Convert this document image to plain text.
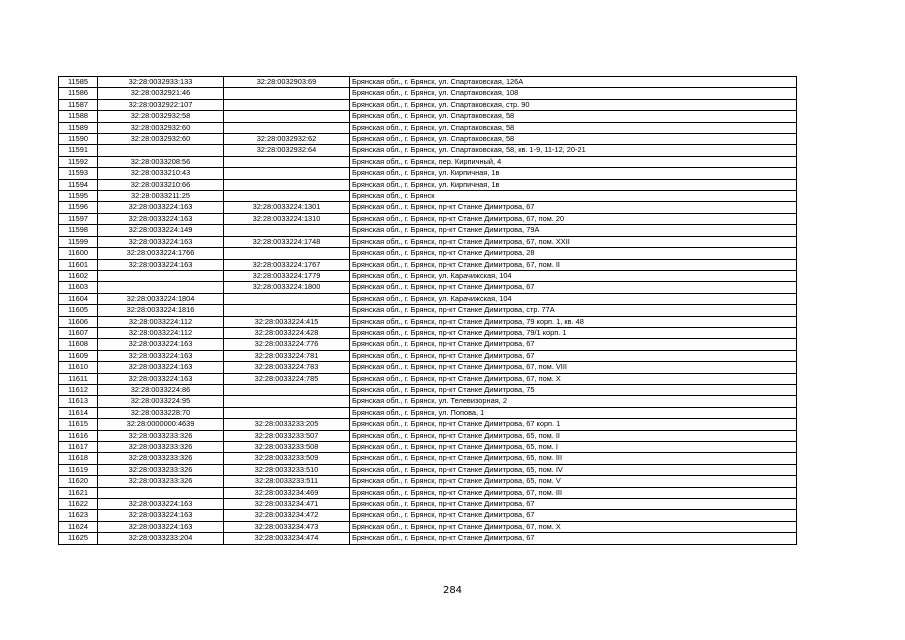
11585	32:28:0032933:133	32:28:0032903:69	Брянская обл., г. Брянск, ул. Спартаковская, 126А
11586	32:28:0032921:46		Брянская обл., г. Брянск, ул. Спартаковская, 108
11587	32:28:0032922:107		Брянская обл., г. Брянск, ул. Спартаковская, стр. 90
11588	32:28:0032932:58		Брянская обл., г. Брянск, ул. Спартаковская, 58
11589	32:28:0032932:60		Брянская обл., г. Брянск, ул. Спартаковская, 58
11590	32:28:0032932:60	32:28:0032932:62	Брянская обл., г. Брянск, ул. Спартаковская, 58
11591		32:28:0032932:64	Брянская обл., г. Брянск, ул. Спартаковская, 58, кв. 1-9, 11-12, 20-21
11592	32:28:0033208:56		Брянская обл., г. Брянск, пер. Кирпичный, 4
11593	32:28:0033210:43		Брянская обл., г. Брянск, ул. Кирпичная, 1в
11594	32:28:0033210:66		Брянская обл., г. Брянск, ул. Кирпичная, 1в
11595	32:28:0033211:25		Брянская обл., г. Брянск
11596	32:28:0033224:163	32:28:0033224:1301	Брянская обл., г. Брянск, пр-кт Станке Димитрова, 67
11597	32:28:0033224:163	32:28:0033224:1310	Брянская обл., г. Брянск, пр-кт Станке Димитрова, 67, пом. 20
11598	32:28:0033224:149		Брянская обл., г. Брянск, пр-кт Станке Димитрова, 79А
11599	32:28:0033224:163	32:28:0033224:1748	Брянская обл., г. Брянск, пр-кт Станке Димитрова, 67, пом. XXII
11600	32:28:0033224:1766		Брянская обл., г. Брянск, пр-кт Станке Димитрова, 28
11601	32:28:0033224:163	32:28:0033224:1767	Брянская обл., г. Брянск, пр-кт Станке Димитрова, 67, пом. II
11602		32:28:0033224:1779	Брянская обл., г. Брянск, ул. Карачижская, 104
11603		32:28:0033224:1800	Брянская обл., г. Брянск, пр-кт Станке Димитрова, 67
11604	32:28:0033224:1804		Брянская обл., г. Брянск, ул. Карачижская, 104
11605	32:28:0033224:1816		Брянская обл., г. Брянск, пр-кт Станке Димитрова, стр. 77А
11606	32:28:0033224:112	32:28:0033224:415	Брянская обл., г. Брянск, пр-кт Станке Димитрова, 79 корп. 1, кв. 48
11607	32:28:0033224:112	32:28:0033224:428	Брянская обл., г. Брянск, пр-кт Станке Димитрова, 79/1 корп. 1
11608	32:28:0033224:163	32:28:0033224:776	Брянская обл., г. Брянск, пр-кт Станке Димитрова, 67
11609	32:28:0033224:163	32:28:0033224:781	Брянская обл., г. Брянск, пр-кт Станке Димитрова, 67
11610	32:28:0033224:163	32:28:0033224:783	Брянская обл., г. Брянск, пр-кт Станке Димитрова, 67, пом. VIII
11611	32:28:0033224:163	32:28:0033224:785	Брянская обл., г. Брянск, пр-кт Станке Димитрова, 67, пом. X
11612	32:28:0033224:86		Брянская обл., г. Брянск, пр-кт Станке Димитрова, 75
11613	32:28:0033224:95		Брянская обл., г. Брянск, ул. Телевизорная, 2
11614	32:28:0033228:70		Брянская обл., г. Брянск, ул. Попова, 1
11615	32:28:0000000:4639	32:28:0033233:205	Брянская обл., г. Брянск, пр-кт Станке Димитрова, 67 корп. 1
11616	32:28:0033233:326	32:28:0033233:507	Брянская обл., г. Брянск, пр-кт Станке Димитрова, 65, пом. II
11617	32:28:0033233:326	32:28:0033233:508	Брянская обл., г. Брянск, пр-кт Станке Димитрова, 65, пом. I
11618	32:28:0033233:326	32:28:0033233:509	Брянская обл., г. Брянск, пр-кт Станке Димитрова, 65, пом. III
11619	32:28:0033233:326	32:28:0033233:510	Брянская обл., г. Брянск, пр-кт Станке Димитрова, 65, пом. IV
11620	32:28:0033233:326	32:28:0033233:511	Брянская обл., г. Брянск, пр-кт Станке Димитрова, 65, пом. V
11621		32:28:0033234:469	Брянская обл., г. Брянск, пр-кт Станке Димитрова, 67, пом. III
11622	32:28:0033224:163	32:28:0033234:471	Брянская обл., г. Брянск, пр-кт Станке Димитрова, 67
11623	32:28:0033224:163	32:28:0033234:472	Брянская обл., г. Брянск, пр-кт Станке Димитрова, 67
11624	32:28:0033224:163	32:28:0033234:473	Брянская обл., г. Брянск, пр-кт Станке Димитрова, 67, пом. X
11625	32:28:0033233:204	32:28:0033234:474	Брянская обл., г. Брянск, пр-кт Станке Димитрова, 67
284
